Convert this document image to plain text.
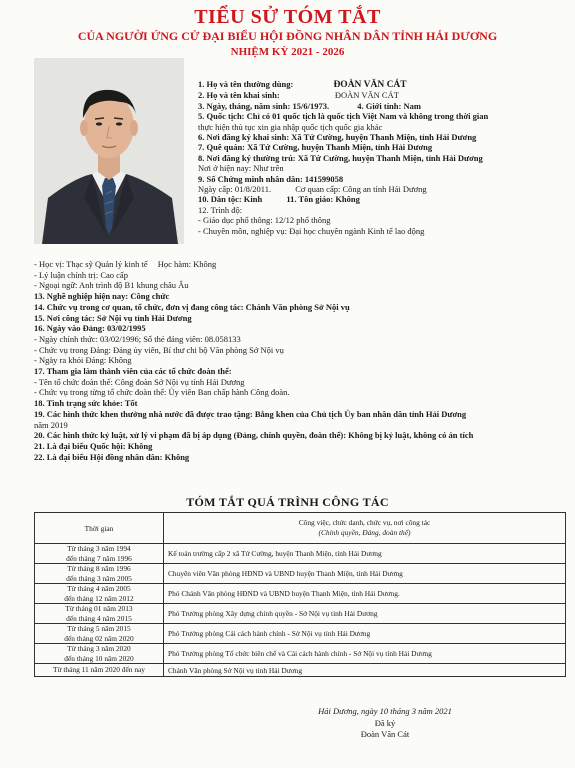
TIỂU SỬ TÓM TẮT
CỦA NGƯỜI ỨNG CỬ ĐẠI BIỂU HỘI ĐỒNG NHÂN DÂN TỈNH HẢI DƯƠNG
NHIỆM KỲ 2021 - 2026
1. Họ và tên thường dùng:	ĐOÀN VĂN CÁT
2. Họ và tên khai sinh:	ĐOÀN VĂN CÁT
3. Ngày, tháng, năm sinh: 15/6/1973.	4. Giới tính: Nam
5. Quốc tịch: Chỉ có 01 quốc tịch là quốc tịch Việt Nam và không trong thời gian
thực hiện thủ tục xin gia nhập quốc tịch quốc gia khác
6. Nơi đăng ký khai sinh: Xã Tứ Cường, huyện Thanh Miện, tỉnh Hải Dương
7. Quê quán: Xã Tứ Cường, huyện Thanh Miện, tỉnh Hải Dương
8. Nơi đăng ký thường trú: Xã Tứ Cường, huyện Thanh Miện, tỉnh Hải Dương
Nơi ở hiện nay: Như trên
9. Số Chứng minh nhân dân: 141599058
Ngày cấp: 01/8/2011.	Cơ quan cấp: Công an tỉnh Hải Dương
10. Dân tộc: Kinh	11. Tôn giáo: Không
12. Trình độ:
- Giáo dục phổ thông: 12/12 phổ thông
- Chuyên môn, nghiệp vụ: Đại học chuyên ngành Kinh tế lao động
- Học vị: Thạc sỹ Quản lý kinh tế Học hàm: Không
- Lý luận chính trị: Cao cấp
- Ngoại ngữ: Anh trình độ B1 khung châu Âu
13. Nghề nghiệp hiện nay: Công chức
14. Chức vụ trong cơ quan, tổ chức, đơn vị đang công tác: Chánh Văn phòng Sở Nội vụ
15. Nơi công tác: Sở Nội vụ tỉnh Hải Dương
16. Ngày vào Đảng: 03/02/1995
- Ngày chính thức: 03/02/1996; Số thẻ đảng viên: 08.058133
- Chức vụ trong Đảng: Đảng ủy viên, Bí thư chi bộ Văn phòng Sở Nội vụ
- Ngày ra khỏi Đảng: Không
17. Tham gia làm thành viên của các tổ chức đoàn thể:
- Tên tổ chức đoàn thể: Công đoàn Sở Nội vụ tỉnh Hải Dương
- Chức vụ trong từng tổ chức đoàn thể: Ủy viên Ban chấp hành Công đoàn.
18. Tình trạng sức khỏe: Tốt
19. Các hình thức khen thưởng nhà nước đã được trao tặng: Bằng khen của Chủ tịch Ủy ban nhân dân tỉnh Hải Dương
năm 2019
20. Các hình thức kỷ luật, xử lý vi phạm đã bị áp dụng (Đảng, chính quyền, đoàn thể): Không bị kỷ luật, không có án tích
21. Là đại biểu Quốc hội: Không
22. Là đại biểu Hội đồng nhân dân: Không
TÓM TẮT QUÁ TRÌNH CÔNG TÁC
Thời gian	Công việc, chức danh, chức vụ, nơi công tác
(Chính quyền, Đảng, đoàn thể)

Từ tháng 3 năm 1994
đến tháng 7 năm 1996	Kế toán trường cấp 2 xã Tứ Cường, huyện Thanh Miện, tỉnh Hải Dương

Từ tháng 8 năm 1996
đến tháng 3 năm 2005	Chuyên viên Văn phòng HĐND và UBND huyện Thanh Miện, tỉnh Hải Dương

Từ tháng 4 năm 2005
đến tháng 12 năm 2012	Phó Chánh Văn phòng HĐND và UBND huyện Thanh Miện, tỉnh Hải Dương.

Từ tháng 01 năm 2013
đến tháng 4 năm 2015	Phó Trưởng phòng Xây dựng chính quyền - Sở Nội vụ tỉnh Hải Dương

Từ tháng 5 năm 2015
đến tháng 02 năm 2020	Phó Trưởng phòng Cải cách hành chính - Sở Nội vụ tỉnh Hải Dương

Từ tháng 3 năm 2020
đến tháng 10 năm 2020	Phó Trưởng phòng Tổ chức biên chế và Cải cách hành chính - Sở Nội vụ tỉnh Hải Dương
Từ tháng 11 năm 2020 đến nay	Chánh Văn phòng Sở Nội vụ tỉnh Hải Dương
Hải Dương, ngày 10 tháng 3 năm 2021
Đã ký
Đoàn Văn Cát
